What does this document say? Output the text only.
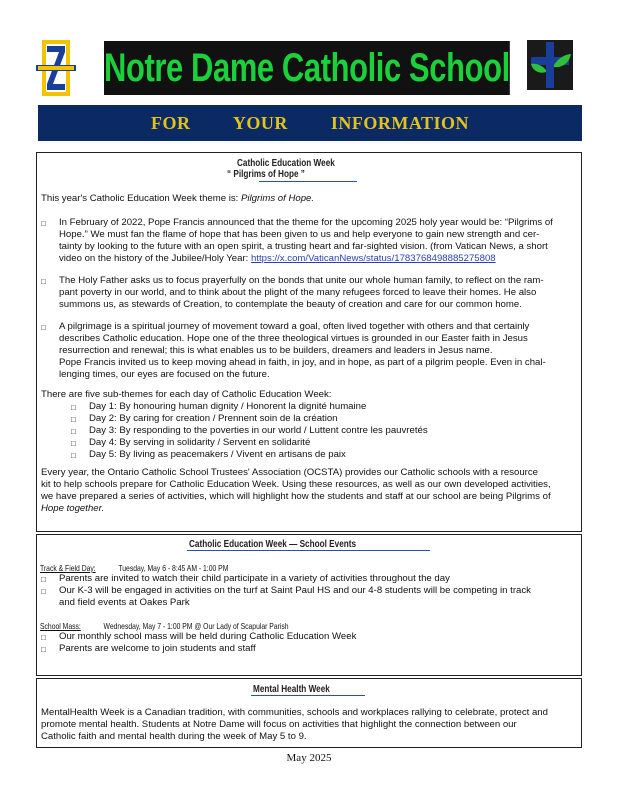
Notre Dame Catholic School
FOR YOUR INFORMATION
Catholic Education Week
“ Pilgrims of Hope ”
This year's Catholic Education Week theme is: Pilgrims of Hope.
□ In February of 2022, Pope Francis announced that the theme for the upcoming 2025 holy year would be: “Pilgrims of
Hope.” We must fan the flame of hope that has been given to us and help everyone to gain new strength and cer-
tainty by looking to the future with an open spirit, a trusting heart and far-sighted vision. (from Vatican News, a short
video on the history of the Jubilee/Holy Year: https://x.com/VaticanNews/status/1783768498885275808
□ The Holy Father asks us to focus prayerfully on the bonds that unite our whole human family, to reflect on the ram-
pant poverty in our world, and to think about the plight of the many refugees forced to leave their homes. He also
summons us, as stewards of Creation, to contemplate the beauty of creation and care for our common home.
□ A pilgrimage is a spiritual journey of movement toward a goal, often lived together with others and that certainly
describes Catholic education. Hope one of the three theological virtues is grounded in our Easter faith in Jesus
resurrection and renewal; this is what enables us to be builders, dreamers and leaders in Jesus name.
Pope Francis invited us to keep moving ahead in faith, in joy, and in hope, as part of a pilgrim people. Even in chal-
lenging times, our eyes are focused on the future.
There are five sub-themes for each day of Catholic Education Week:
□ Day 1: By honouring human dignity / Honorent la dignité humaine
□ Day 2: By caring for creation / Prennent soin de la création
□ Day 3: By responding to the poverties in our world / Luttent contre les pauvretés
□ Day 4: By serving in solidarity / Servent en solidarité
□ Day 5: By living as peacemakers / Vivent en artisans de paix
Every year, the Ontario Catholic School Trustees' Association (OCSTA) provides our Catholic schools with a resource
kit to help schools prepare for Catholic Education Week. Using these resources, as well as our own developed activities,
we have prepared a series of activities, which will highlight how the students and staff at our school are being Pilgrims of
Hope together.
Catholic Education Week — School Events
Track & Field Day:	Tuesday, May 6 - 8:45 AM - 1:00 PM
□ Parents are invited to watch their child participate in a variety of activities throughout the day
□ Our K-3 will be engaged in activities on the turf at Saint Paul HS and our 4-8 students will be competing in track
and field events at Oakes Park
School Mass:	Wednesday, May 7 - 1:00 PM @ Our Lady of Scapular Parish
□ Our monthly school mass will be held during Catholic Education Week
□ Parents are welcome to join students and staff
Mental Health Week
MentalHealth Week is a Canadian tradition, with communities, schools and workplaces rallying to celebrate, protect and
promote mental health. Students at Notre Dame will focus on activities that highlight the connection between our
Catholic faith and mental health during the week of May 5 to 9.
May 2025
